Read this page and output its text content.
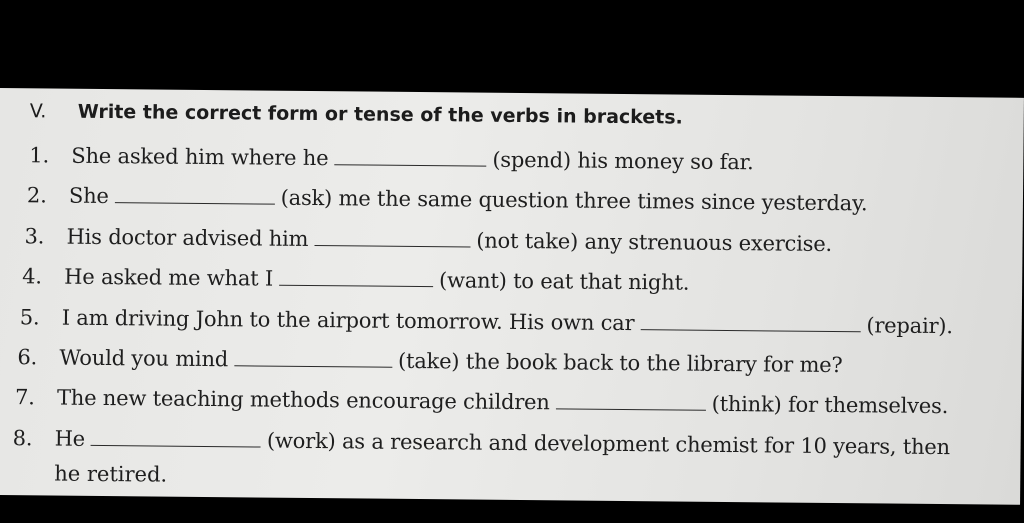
V. Write the correct form or tense of the verbs in brackets.
1. She asked him where he	(spend) his money so far.
2. She	(ask) me the same question three times since yesterday.
3. His doctor advised him	(not take) any strenuous exercise.
4. He asked me what I	(want) to eat that night.
5. I am driving John to the airport tomorrow. His own car	(repair).
6. Would you mind	(take) the book back to the library for me?
7. The new teaching methods encourage children	(think) for themselves.
8. He	(work) as a research and development chemist for 10 years, then
he retired.
